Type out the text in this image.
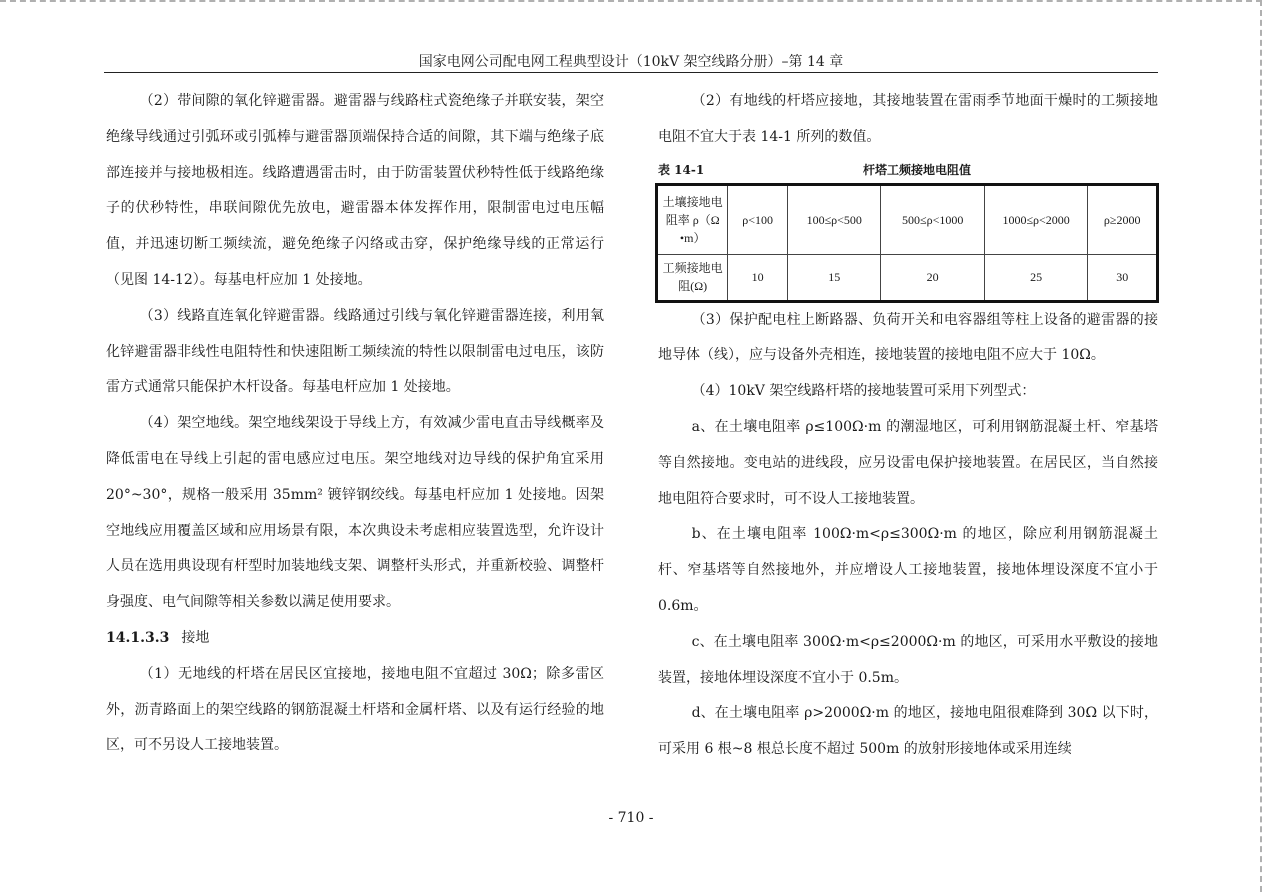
国家电网公司配电网工程典型设计（10kV 架空线路分册）–第 14 章

（2）带间隙的氧化锌避雷器。避雷器与线路柱式瓷绝缘子并联安装，架空绝缘导线通过引弧环或引弧棒与避雷器顶端保持合适的间隙，其下端与绝缘子底部连接并与接地极相连。线路遭遇雷击时，由于防雷装置伏秒特性低于线路绝缘子的伏秒特性，串联间隙优先放电，避雷器本体发挥作用，限制雷电过电压幅值，并迅速切断工频续流，避免绝缘子闪络或击穿，保护绝缘导线的正常运行（见图 14-12）。每基电杆应加 1 处接地。

（3）线路直连氧化锌避雷器。线路通过引线与氧化锌避雷器连接，利用氧化锌避雷器非线性电阻特性和快速阻断工频续流的特性以限制雷电过电压，该防雷方式通常只能保护木杆设备。每基电杆应加 1 处接地。

（4）架空地线。架空地线架设于导线上方，有效减少雷电直击导线概率及降低雷电在导线上引起的雷电感应过电压。架空地线对边导线的保护角宜采用 20°~30°，规格一般采用 35mm² 镀锌钢绞线。每基电杆应加 1 处接地。因架空地线应用覆盖区域和应用场景有限，本次典设未考虑相应装置选型，允许设计人员在选用典设现有杆型时加装地线支架、调整杆头形式，并重新校验、调整杆身强度、电气间隙等相关参数以满足使用要求。

14.1.3.3 接地

（1）无地线的杆塔在居民区宜接地，接地电阻不宜超过 30Ω；除多雷区外，沥青路面上的架空线路的钢筋混凝土杆塔和金属杆塔、以及有运行经验的地区，可不另设人工接地装置。

（2）有地线的杆塔应接地，其接地装置在雷雨季节地面干燥时的工频接地电阻不宜大于表 14-1 所列的数值。

表 14-1	杆塔工频接地电阻值
土壤接地电阻率 ρ（Ω •m）	ρ<100	100≤ρ<500	500≤ρ<1000	1000≤ρ<2000	ρ≥2000
工频接地电阻(Ω)	10	15	20	25	30

（3）保护配电柱上断路器、负荷开关和电容器组等柱上设备的避雷器的接地导体（线），应与设备外壳相连，接地装置的接地电阻不应大于 10Ω。

（4）10kV 架空线路杆塔的接地装置可采用下列型式：

a、在土壤电阻率 ρ≤100Ω·m 的潮湿地区，可利用钢筋混凝土杆、窄基塔等自然接地。变电站的进线段，应另设雷电保护接地装置。在居民区，当自然接地电阻符合要求时，可不设人工接地装置。

b、在土壤电阻率 100Ω·m<ρ≤300Ω·m 的地区，除应利用钢筋混凝土杆、窄基塔等自然接地外，并应增设人工接地装置，接地体埋设深度不宜小于 0.6m。

c、在土壤电阻率 300Ω·m<ρ≤2000Ω·m 的地区，可采用水平敷设的接地装置，接地体埋设深度不宜小于 0.5m。

d、在土壤电阻率 ρ>2000Ω·m 的地区，接地电阻很难降到 30Ω 以下时，可采用 6 根~8 根总长度不超过 500m 的放射形接地体或采用连续

- 710 -
